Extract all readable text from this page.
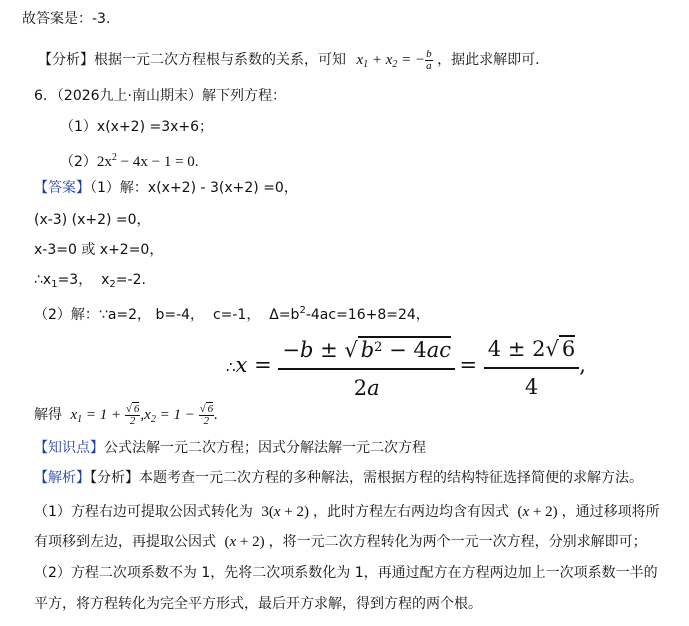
故答案是：-3.
【分析】根据一元二次方程根与系数的关系，可知 $x_1 + x_2$ = − $\frac{b}{a}$ ，据此求解即可.
6．（2026九上·南山期末）解下列方程：
（1）x(x+2) =3x+6；
$(2)2x^2 - 4x - 1 = 0$.
【答案】（1）解：x(x+2) - 3(x+2) =0，
(x-3) (x+2) =0，
x-3=0 或 x+2=0，
$\therefore x_1=3$，  $x_2=-2$.
（2）解：∵a=2， b=-4，  c=-1，  $\Delta=b^2-4ac=16+8=24$，
∴x = $\frac{-b \pm √ b^2 - 4ac}{2a} = \frac{4 \pm 2√ 6}{4}$ ,
解得 $x_1 = 1 + \frac{√ 6}{2} ,x_2 = 1 - \frac{√ 6}{2}$ .
【知识点】公式法解一元二次方程；因式分解法解一元二次方程
【解析】【分析】本题考查一元二次方程的多种解法，需根据方程的结构特征选择简便的求解方法。
（1）方程右边可提取公因式转化为 3(x + 2) ，此时方程左右两边均含有因式 (x + 2) ，通过移项将所
有项移到左边，再提取公因式 (x + 2) ，将一元二次方程转化为两个一元一次方程，分别求解即可；
（2）方程二次项系数不为 1，先将二次项系数化为 1，再通过配方在方程两边加上一次项系数一半的
平方，将方程转化为完全平方形式，最后开方求解，得到方程的两个根。
